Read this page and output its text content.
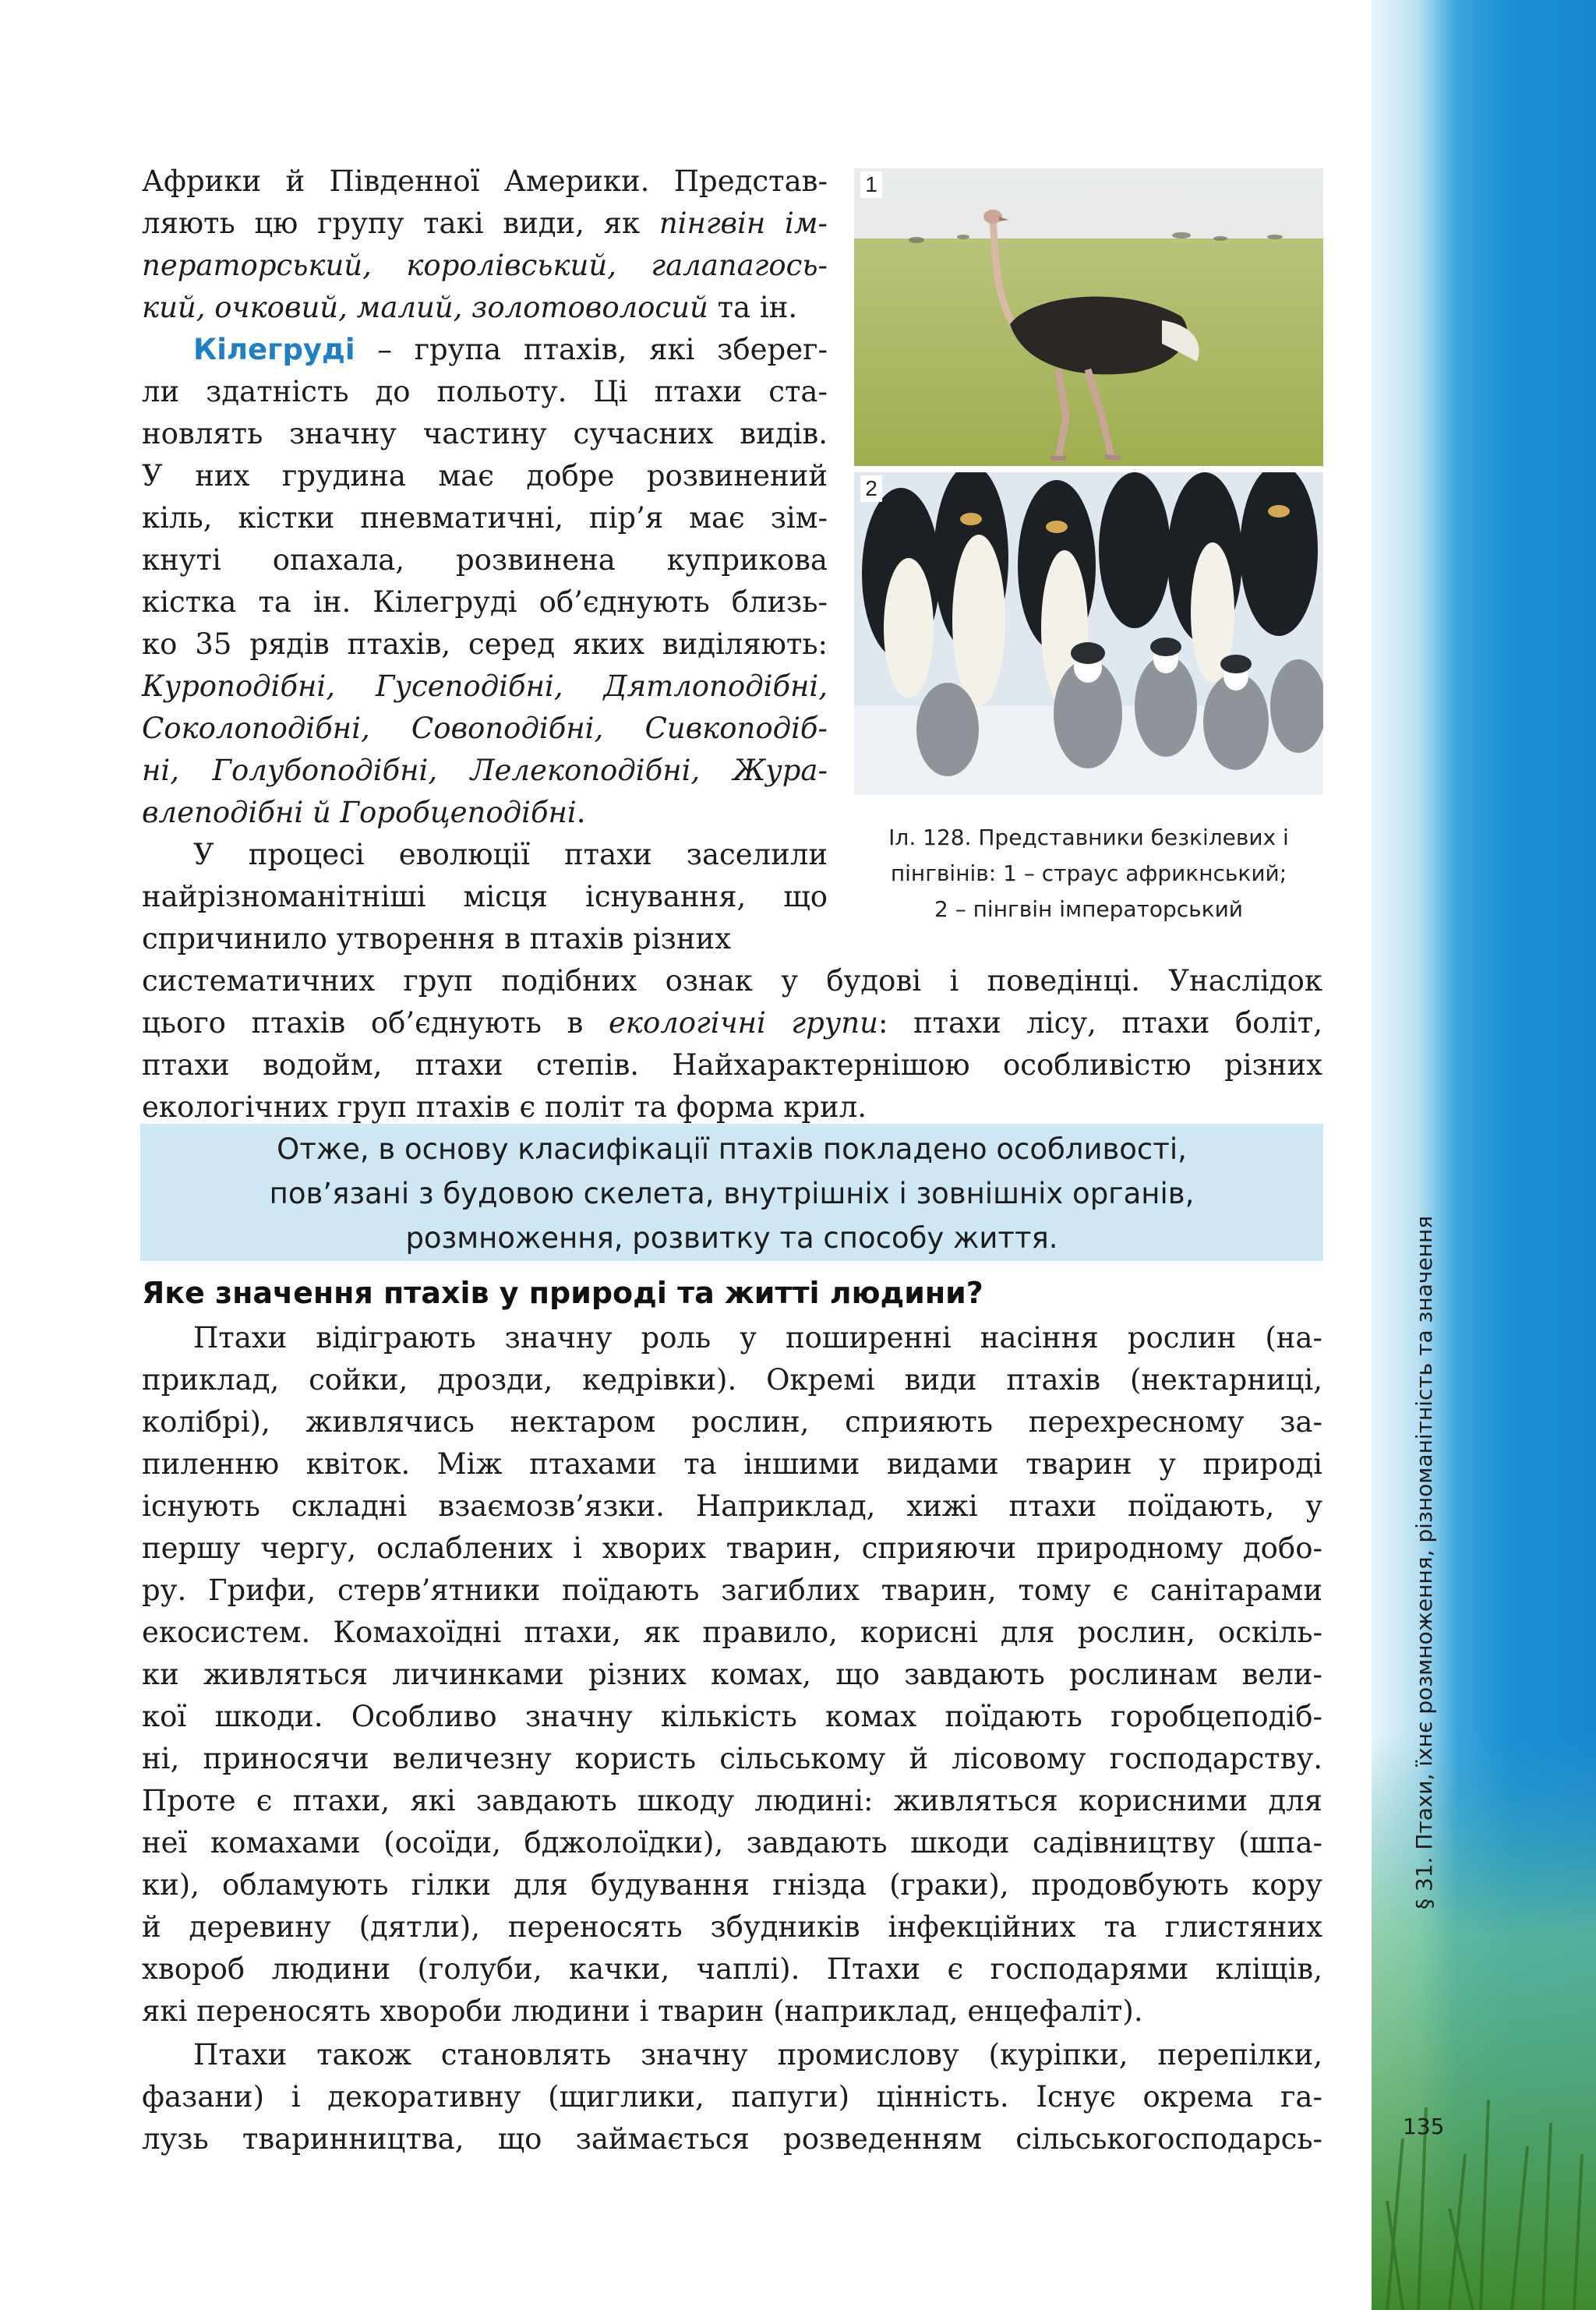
Африки й Південної Америки. Представ-
ляють цю групу такі види, як пінгвін ім-
ператорський, королівський, галапагось-
кий, очковий, малий, золотоволосий та ін.
Кілегруді – група птахів, які зберег-
ли здатність до польоту. Ці птахи ста-
новлять значну частину сучасних видів.
У них грудина має добре розвинений
кіль, кістки пневматичні, пір’я має зім-
кнуті опахала, розвинена куприкова
кістка та ін. Кілегруді об’єднують близь-
ко 35 рядів птахів, серед яких виділяють:
Куроподібні, Гусеподібні, Дятлоподібні,
Соколоподібні, Совоподібні, Сивкоподіб-
ні, Голубоподібні, Лелекоподібні, Жура-
влеподібні й Горобцеподібні.
У процесі еволюції птахи заселили
найрізноманітніші місця існування, що
спричинило утворення в птахів різних
систематичних груп подібних ознак у будові і поведінці. Унаслідок
цього птахів об’єднують в екологічні групи: птахи лісу, птахи боліт,
птахи водойм, птахи степів. Найхарактернішою особливістю різних
екологічних груп птахів є політ та форма крил.
1
2
Іл. 128. Представники безкілевих і
пінгвінів: 1 – страус африкнський;
2 – пінгвін імператорський
Отже, в основу класифікації птахів покладено особливості,
пов’язані з будовою скелета, внутрішніх і зовнішніх органів,
розмноження, розвитку та способу життя.
Яке значення птахів у природі та житті людини?
Птахи відіграють значну роль у поширенні насіння рослин (на-
приклад, сойки, дрозди, кедрівки). Окремі види птахів (нектарниці,
колібрі), живлячись нектаром рослин, сприяють перехресному за-
пиленню квіток. Між птахами та іншими видами тварин у природі
існують складні взаємозв’язки. Наприклад, хижі птахи поїдають, у
першу чергу, ослаблених і хворих тварин, сприяючи природному добо-
ру. Грифи, стерв’ятники поїдають загиблих тварин, тому є санітарами
екосистем. Комахоїдні птахи, як правило, корисні для рослин, оскіль-
ки живляться личинками різних комах, що завдають рослинам вели-
кої шкоди. Особливо значну кількість комах поїдають горобцеподіб-
ні, приносячи величезну користь сільському й лісовому господарству.
Проте є птахи, які завдають шкоду людині: живляться корисними для
неї комахами (осоїди, бджолоїдки), завдають шкоди садівництву (шпа-
ки), обламують гілки для будування гнізда (граки), продовбують кору
й деревину (дятли), переносять збудників інфекційних та глистяних
хвороб людини (голуби, качки, чаплі). Птахи є господарями кліщів,
які переносять хвороби людини і тварин (наприклад, енцефаліт).
Птахи також становлять значну промислову (куріпки, перепілки,
фазани) і декоративну (щиглики, папуги) цінність. Існує окрема га-
лузь тваринництва, що займається розведенням сільськогосподарсь-
§ 31. Птахи, їхнє розмноження, різноманітність та значення
135
